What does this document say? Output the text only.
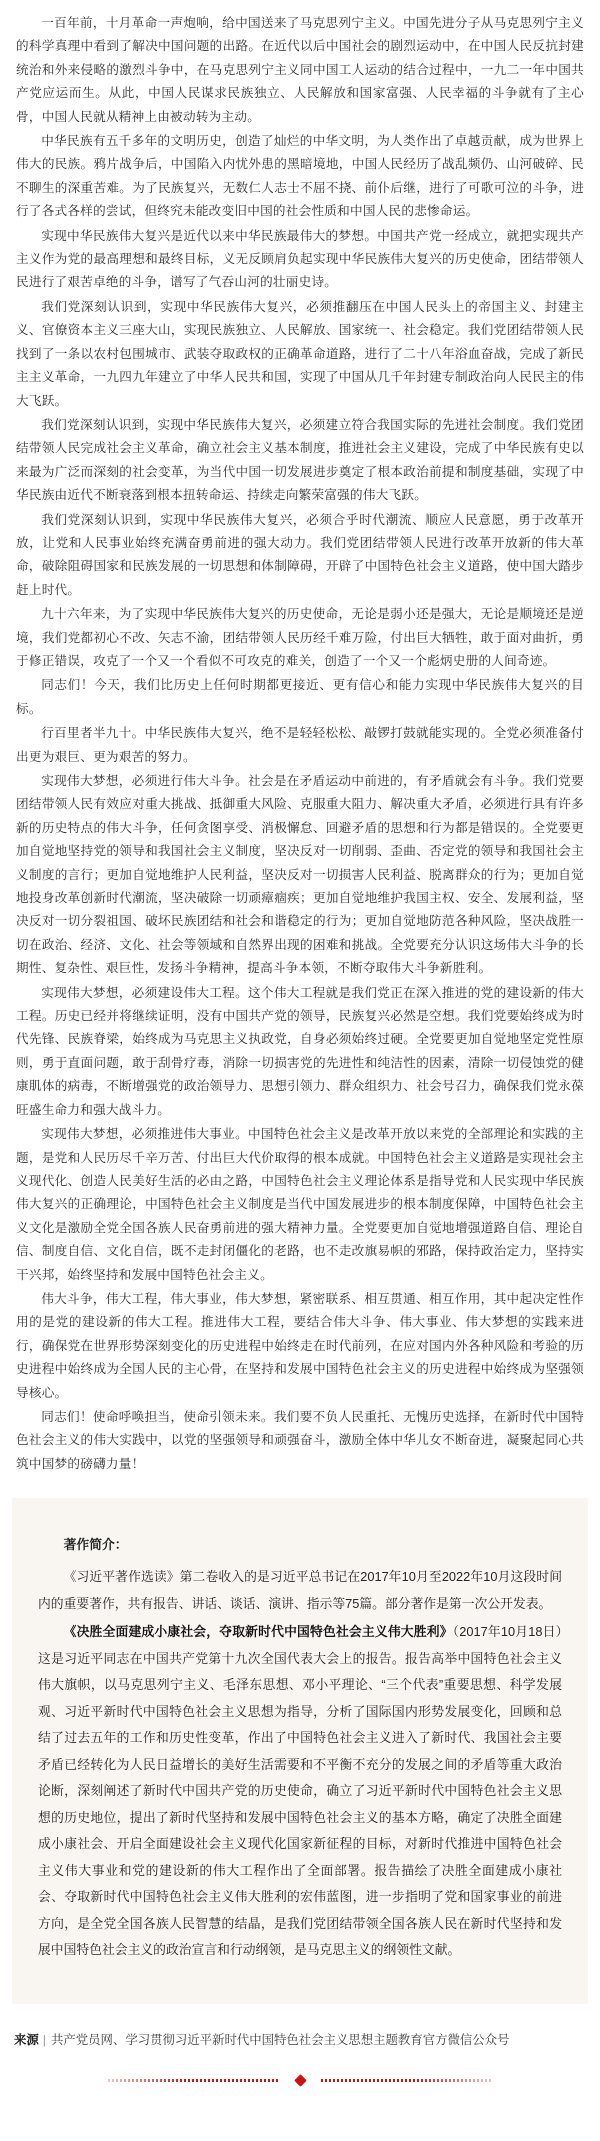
一百年前，十月革命一声炮响，给中国送来了马克思列宁主义。中国先进分子从马克思列宁主义的科学真理中看到了解决中国问题的出路。在近代以后中国社会的剧烈运动中，在中国人民反抗封建统治和外来侵略的激烈斗争中，在马克思列宁主义同中国工人运动的结合过程中，一九二一年中国共产党应运而生。从此，中国人民谋求民族独立、人民解放和国家富强、人民幸福的斗争就有了主心骨，中国人民就从精神上由被动转为主动。

中华民族有五千多年的文明历史，创造了灿烂的中华文明，为人类作出了卓越贡献，成为世界上伟大的民族。鸦片战争后，中国陷入内忧外患的黑暗境地，中国人民经历了战乱频仍、山河破碎、民不聊生的深重苦难。为了民族复兴，无数仁人志士不屈不挠、前仆后继，进行了可歌可泣的斗争，进行了各式各样的尝试，但终究未能改变旧中国的社会性质和中国人民的悲惨命运。

实现中华民族伟大复兴是近代以来中华民族最伟大的梦想。中国共产党一经成立，就把实现共产主义作为党的最高理想和最终目标，义无反顾肩负起实现中华民族伟大复兴的历史使命，团结带领人民进行了艰苦卓绝的斗争，谱写了气吞山河的壮丽史诗。

我们党深刻认识到，实现中华民族伟大复兴，必须推翻压在中国人民头上的帝国主义、封建主义、官僚资本主义三座大山，实现民族独立、人民解放、国家统一、社会稳定。我们党团结带领人民找到了一条以农村包围城市、武装夺取政权的正确革命道路，进行了二十八年浴血奋战，完成了新民主主义革命，一九四九年建立了中华人民共和国，实现了中国从几千年封建专制政治向人民民主的伟大飞跃。

我们党深刻认识到，实现中华民族伟大复兴，必须建立符合我国实际的先进社会制度。我们党团结带领人民完成社会主义革命，确立社会主义基本制度，推进社会主义建设，完成了中华民族有史以来最为广泛而深刻的社会变革，为当代中国一切发展进步奠定了根本政治前提和制度基础，实现了中华民族由近代不断衰落到根本扭转命运、持续走向繁荣富强的伟大飞跃。

我们党深刻认识到，实现中华民族伟大复兴，必须合乎时代潮流、顺应人民意愿，勇于改革开放，让党和人民事业始终充满奋勇前进的强大动力。我们党团结带领人民进行改革开放新的伟大革命，破除阻碍国家和民族发展的一切思想和体制障碍，开辟了中国特色社会主义道路，使中国大踏步赶上时代。

九十六年来，为了实现中华民族伟大复兴的历史使命，无论是弱小还是强大，无论是顺境还是逆境，我们党都初心不改、矢志不渝，团结带领人民历经千难万险，付出巨大牺牲，敢于面对曲折，勇于修正错误，攻克了一个又一个看似不可攻克的难关，创造了一个又一个彪炳史册的人间奇迹。

同志们！今天，我们比历史上任何时期都更接近、更有信心和能力实现中华民族伟大复兴的目标。

行百里者半九十。中华民族伟大复兴，绝不是轻轻松松、敲锣打鼓就能实现的。全党必须准备付出更为艰巨、更为艰苦的努力。

实现伟大梦想，必须进行伟大斗争。社会是在矛盾运动中前进的，有矛盾就会有斗争。我们党要团结带领人民有效应对重大挑战、抵御重大风险、克服重大阻力、解决重大矛盾，必须进行具有许多新的历史特点的伟大斗争，任何贪图享受、消极懈怠、回避矛盾的思想和行为都是错误的。全党要更加自觉地坚持党的领导和我国社会主义制度，坚决反对一切削弱、歪曲、否定党的领导和我国社会主义制度的言行；更加自觉地维护人民利益，坚决反对一切损害人民利益、脱离群众的行为；更加自觉地投身改革创新时代潮流，坚决破除一切顽瘴痼疾；更加自觉地维护我国主权、安全、发展利益，坚决反对一切分裂祖国、破坏民族团结和社会和谐稳定的行为；更加自觉地防范各种风险，坚决战胜一切在政治、经济、文化、社会等领域和自然界出现的困难和挑战。全党要充分认识这场伟大斗争的长期性、复杂性、艰巨性，发扬斗争精神，提高斗争本领，不断夺取伟大斗争新胜利。

实现伟大梦想，必须建设伟大工程。这个伟大工程就是我们党正在深入推进的党的建设新的伟大工程。历史已经并将继续证明，没有中国共产党的领导，民族复兴必然是空想。我们党要始终成为时代先锋、民族脊梁，始终成为马克思主义执政党，自身必须始终过硬。全党要更加自觉地坚定党性原则，勇于直面问题，敢于刮骨疗毒，消除一切损害党的先进性和纯洁性的因素，清除一切侵蚀党的健康肌体的病毒，不断增强党的政治领导力、思想引领力、群众组织力、社会号召力，确保我们党永葆旺盛生命力和强大战斗力。

实现伟大梦想，必须推进伟大事业。中国特色社会主义是改革开放以来党的全部理论和实践的主题，是党和人民历尽千辛万苦、付出巨大代价取得的根本成就。中国特色社会主义道路是实现社会主义现代化、创造人民美好生活的必由之路，中国特色社会主义理论体系是指导党和人民实现中华民族伟大复兴的正确理论，中国特色社会主义制度是当代中国发展进步的根本制度保障，中国特色社会主义文化是激励全党全国各族人民奋勇前进的强大精神力量。全党要更加自觉地增强道路自信、理论自信、制度自信、文化自信，既不走封闭僵化的老路，也不走改旗易帜的邪路，保持政治定力，坚持实干兴邦，始终坚持和发展中国特色社会主义。

伟大斗争，伟大工程，伟大事业，伟大梦想，紧密联系、相互贯通、相互作用，其中起决定性作用的是党的建设新的伟大工程。推进伟大工程，要结合伟大斗争、伟大事业、伟大梦想的实践来进行，确保党在世界形势深刻变化的历史进程中始终走在时代前列，在应对国内外各种风险和考验的历史进程中始终成为全国人民的主心骨，在坚持和发展中国特色社会主义的历史进程中始终成为坚强领导核心。

同志们！使命呼唤担当，使命引领未来。我们要不负人民重托、无愧历史选择，在新时代中国特色社会主义的伟大实践中，以党的坚强领导和顽强奋斗，激励全体中华儿女不断奋进，凝聚起同心共筑中国梦的磅礴力量！

著作简介：

《习近平著作选读》第二卷收入的是习近平总书记在2017年10月至2022年10月这段时间内的重要著作，共有报告、讲话、谈话、演讲、指示等75篇。部分著作是第一次公开发表。

《决胜全面建成小康社会，夺取新时代中国特色社会主义伟大胜利》（2017年10月18日）这是习近平同志在中国共产党第十九次全国代表大会上的报告。报告高举中国特色社会主义伟大旗帜，以马克思列宁主义、毛泽东思想、邓小平理论、“三个代表”重要思想、科学发展观、习近平新时代中国特色社会主义思想为指导，分析了国际国内形势发展变化，回顾和总结了过去五年的工作和历史性变革，作出了中国特色社会主义进入了新时代、我国社会主要矛盾已经转化为人民日益增长的美好生活需要和不平衡不充分的发展之间的矛盾等重大政治论断，深刻阐述了新时代中国共产党的历史使命，确立了习近平新时代中国特色社会主义思想的历史地位，提出了新时代坚持和发展中国特色社会主义的基本方略，确定了决胜全面建成小康社会、开启全面建设社会主义现代化国家新征程的目标，对新时代推进中国特色社会主义伟大事业和党的建设新的伟大工程作出了全面部署。报告描绘了决胜全面建成小康社会、夺取新时代中国特色社会主义伟大胜利的宏伟蓝图，进一步指明了党和国家事业的前进方向，是全党全国各族人民智慧的结晶，是我们党团结带领全国各族人民在新时代坚持和发展中国特色社会主义的政治宣言和行动纲领，是马克思主义的纲领性文献。

来源 | 共产党员网、学习贯彻习近平新时代中国特色社会主义思想主题教育官方微信公众号
